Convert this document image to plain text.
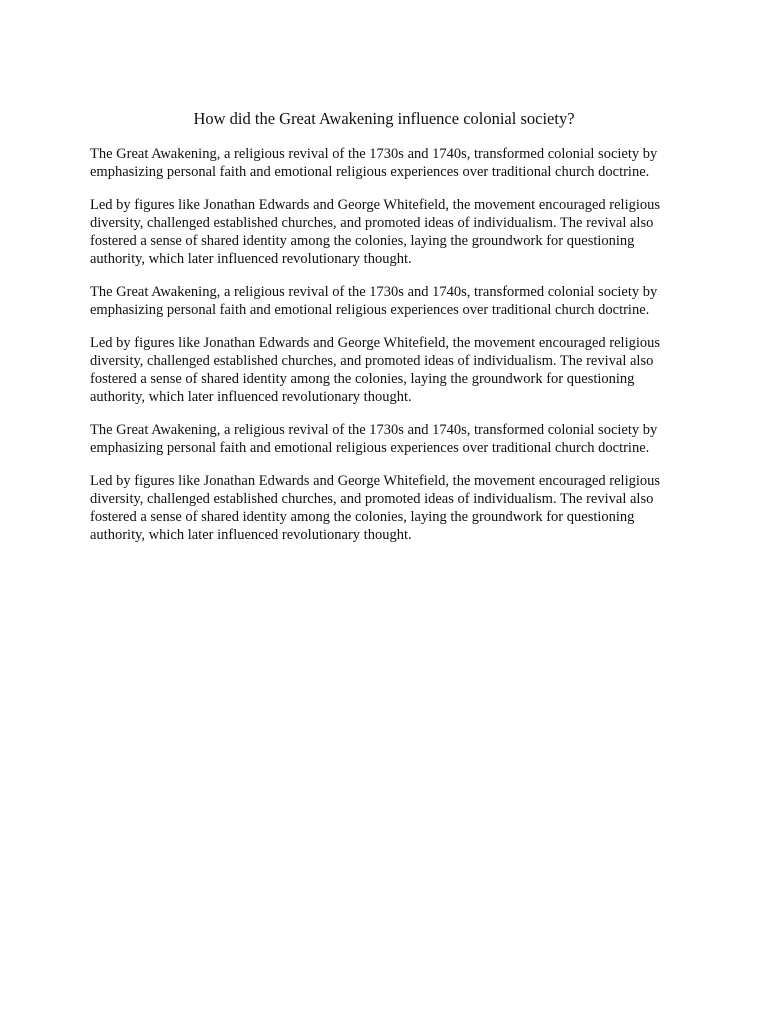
How did the Great Awakening influence colonial society?

The Great Awakening, a religious revival of the 1730s and 1740s, transformed colonial society by emphasizing personal faith and emotional religious experiences over traditional church doctrine.

Led by figures like Jonathan Edwards and George Whitefield, the movement encouraged religious diversity, challenged established churches, and promoted ideas of individualism. The revival also fostered a sense of shared identity among the colonies, laying the groundwork for questioning authority, which later influenced revolutionary thought.

The Great Awakening, a religious revival of the 1730s and 1740s, transformed colonial society by emphasizing personal faith and emotional religious experiences over traditional church doctrine.

Led by figures like Jonathan Edwards and George Whitefield, the movement encouraged religious diversity, challenged established churches, and promoted ideas of individualism. The revival also fostered a sense of shared identity among the colonies, laying the groundwork for questioning authority, which later influenced revolutionary thought.

The Great Awakening, a religious revival of the 1730s and 1740s, transformed colonial society by emphasizing personal faith and emotional religious experiences over traditional church doctrine.

Led by figures like Jonathan Edwards and George Whitefield, the movement encouraged religious diversity, challenged established churches, and promoted ideas of individualism. The revival also fostered a sense of shared identity among the colonies, laying the groundwork for questioning authority, which later influenced revolutionary thought.
